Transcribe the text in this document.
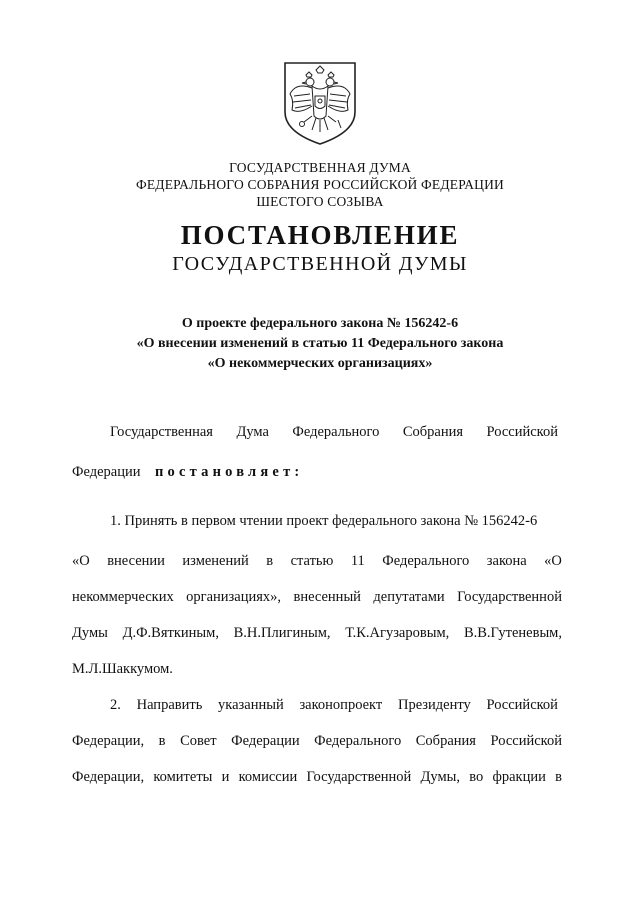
ГОСУДАРСТВЕННАЯ ДУМА
ФЕДЕРАЛЬНОГО СОБРАНИЯ РОССИЙСКОЙ ФЕДЕРАЦИИ
ШЕСТОГО СОЗЫВА
ПОСТАНОВЛЕНИЕ
ГОСУДАРСТВЕННОЙ ДУМЫ
О проекте федерального закона № 156242-6
«О внесении изменений в статью 11 Федерального закона
«О некоммерческих организациях»
Государственная Дума Федерального Собрания Российской
Федерации постановляет:
1. Принять в первом чтении проект федерального закона № 156242-6
«О внесении изменений в статью 11 Федерального закона «О
некоммерческих организациях», внесенный депутатами Государственной
Думы Д.Ф.Вяткиным, В.Н.Плигиным, Т.К.Агузаровым, В.В.Гутеневым,
М.Л.Шаккумом.
2. Направить указанный законопроект Президенту Российской
Федерации, в Совет Федерации Федерального Собрания Российской
Федерации, комитеты и комиссии Государственной Думы, во фракции в
